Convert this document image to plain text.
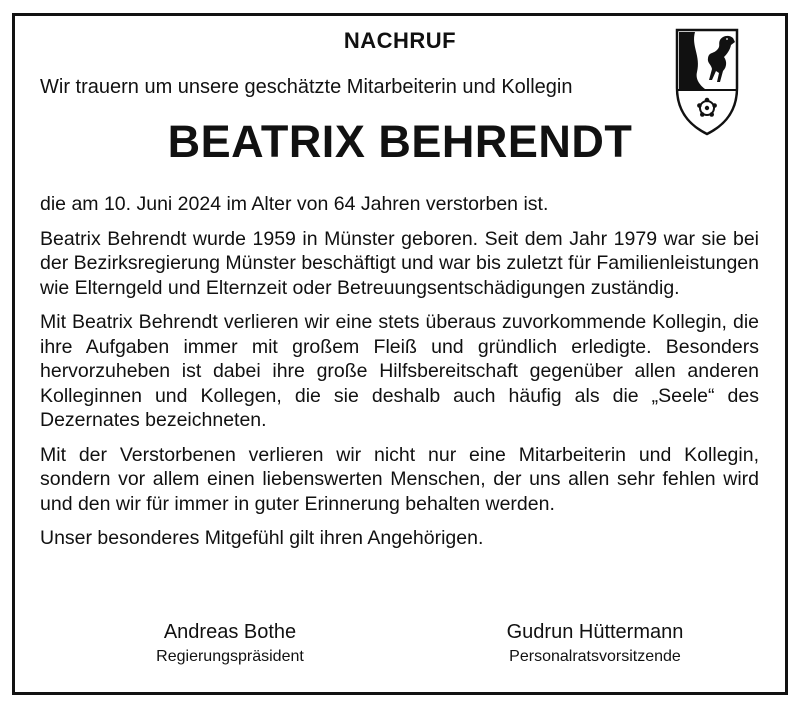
NACHRUF
Wir trauern um unsere geschätzte Mitarbeiterin und Kollegin
BEATRIX BEHRENDT

die am 10. Juni 2024 im Alter von 64 Jahren verstorben ist.

Beatrix Behrendt wurde 1959 in Münster geboren. Seit dem Jahr 1979 war sie bei der Bezirksregierung Münster beschäftigt und war bis zuletzt für Familienleistungen wie Elterngeld und Elternzeit oder Betreuungsentschädigungen zuständig.

Mit Beatrix Behrendt verlieren wir eine stets überaus zuvorkommende Kollegin, die ihre Aufgaben immer mit großem Fleiß und gründlich erledigte. Besonders hervorzuheben ist dabei ihre große Hilfsbereitschaft gegenüber allen anderen Kolleginnen und Kollegen, die sie deshalb auch häufig als die „Seele“ des Dezernates bezeichneten.

Mit der Verstorbenen verlieren wir nicht nur eine Mitarbeiterin und Kollegin, sondern vor allem einen liebenswerten Menschen, der uns allen sehr fehlen wird und den wir für immer in guter Erinnerung behalten werden.

Unser besonderes Mitgefühl gilt ihren Angehörigen.

Andreas Bothe
Regierungspräsident
Gudrun Hüttermann
Personalratsvorsitzende
